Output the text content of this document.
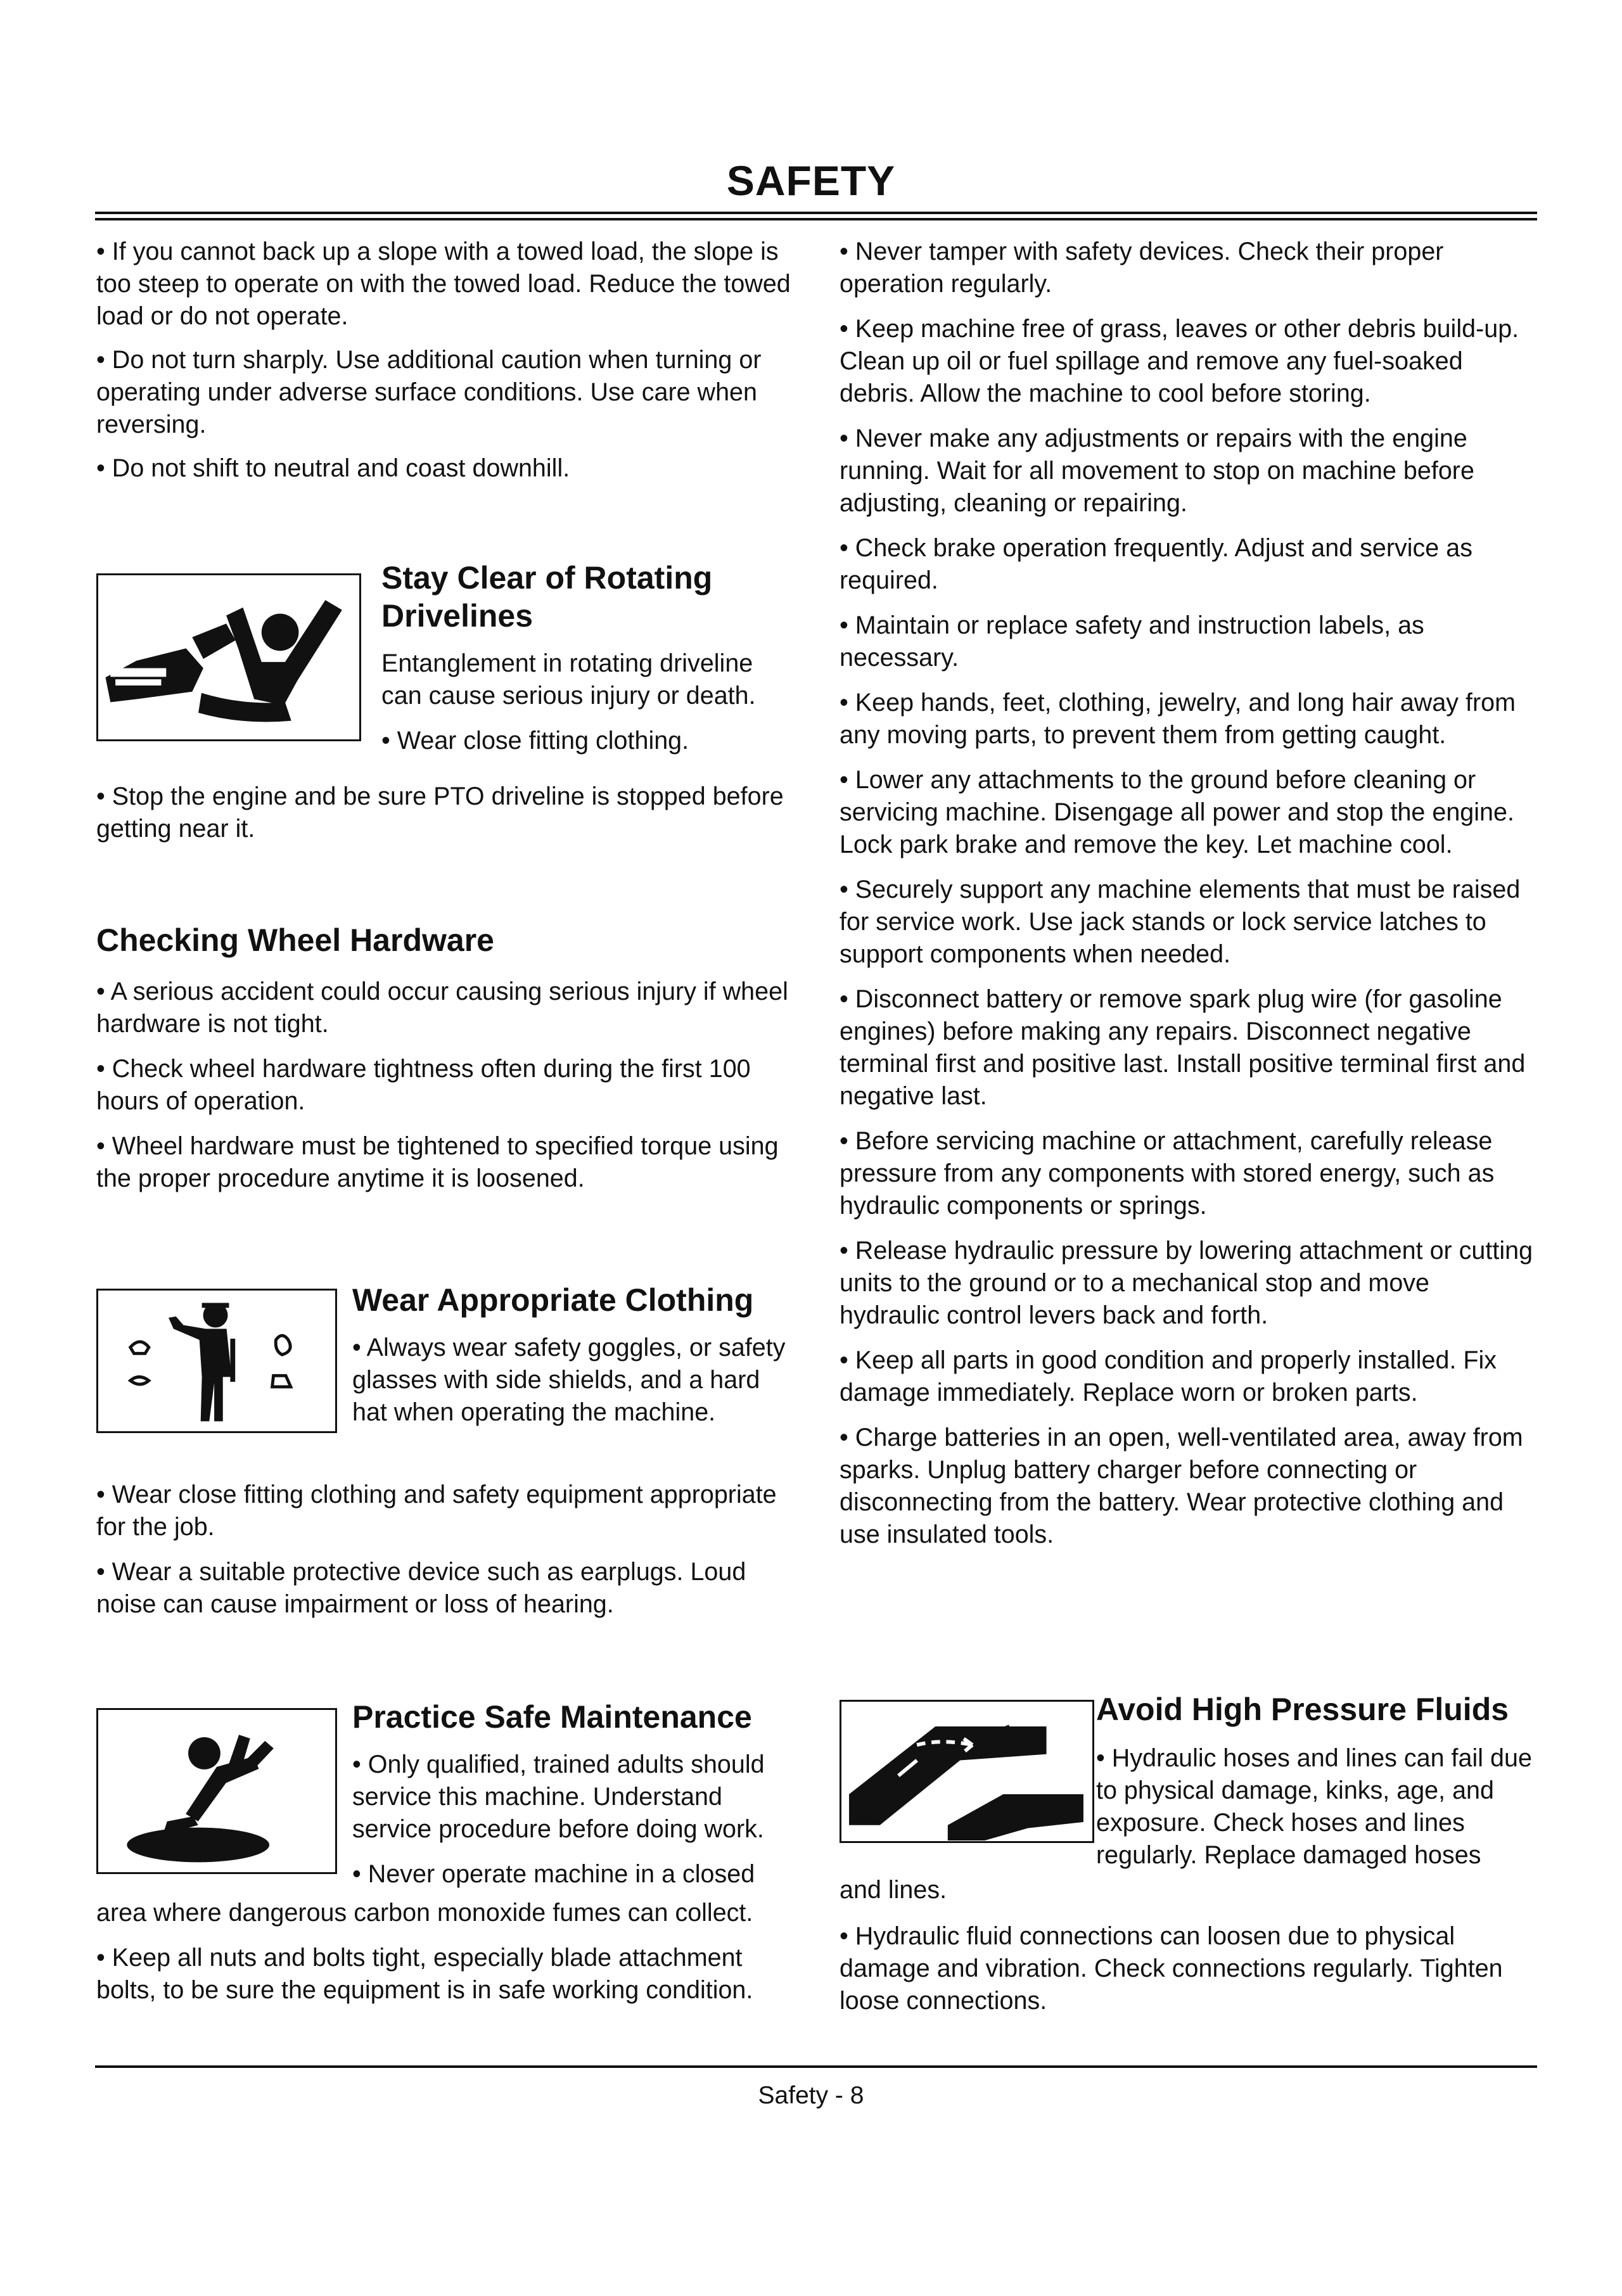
SAFETY

• If you cannot back up a slope with a towed load, the slope is too steep to operate on with the towed load. Reduce the towed load or do not operate.

• Do not turn sharply. Use additional caution when turning or operating under adverse surface conditions. Use care when reversing.

• Do not shift to neutral and coast downhill.

Stay Clear of Rotating Drivelines

Entanglement in rotating driveline can cause serious injury or death.

• Wear close fitting clothing.

• Stop the engine and be sure PTO driveline is stopped before getting near it.

Checking Wheel Hardware

• A serious accident could occur causing serious injury if wheel hardware is not tight.

• Check wheel hardware tightness often during the first 100 hours of operation.

• Wheel hardware must be tightened to specified torque using the proper procedure anytime it is loosened.

Wear Appropriate Clothing

• Always wear safety goggles, or safety glasses with side shields, and a hard hat when operating the machine.

• Wear close fitting clothing and safety equipment appropriate for the job.

• Wear a suitable protective device such as earplugs. Loud noise can cause impairment or loss of hearing.

Practice Safe Maintenance

• Only qualified, trained adults should service this machine. Understand service procedure before doing work.

• Never operate machine in a closed

area where dangerous carbon monoxide fumes can collect.

• Keep all nuts and bolts tight, especially blade attachment bolts, to be sure the equipment is in safe working condition.

• Never tamper with safety devices. Check their proper operation regularly.

• Keep machine free of grass, leaves or other debris build-up. Clean up oil or fuel spillage and remove any fuel-soaked debris. Allow the machine to cool before storing.

• Never make any adjustments or repairs with the engine running. Wait for all movement to stop on machine before adjusting, cleaning or repairing.

• Check brake operation frequently. Adjust and service as required.

• Maintain or replace safety and instruction labels, as necessary.

• Keep hands, feet, clothing, jewelry, and long hair away from any moving parts, to prevent them from getting caught.

• Lower any attachments to the ground before cleaning or servicing machine. Disengage all power and stop the engine. Lock park brake and remove the key. Let machine cool.

• Securely support any machine elements that must be raised for service work. Use jack stands or lock service latches to support components when needed.

• Disconnect battery or remove spark plug wire (for gasoline engines) before making any repairs. Disconnect negative terminal first and positive last. Install positive terminal first and negative last.

• Before servicing machine or attachment, carefully release pressure from any components with stored energy, such as hydraulic components or springs.

• Release hydraulic pressure by lowering attachment or cutting units to the ground or to a mechanical stop and move hydraulic control levers back and forth.

• Keep all parts in good condition and properly installed. Fix damage immediately. Replace worn or broken parts.

• Charge batteries in an open, well-ventilated area, away from sparks. Unplug battery charger before connecting or disconnecting from the battery. Wear protective clothing and use insulated tools.

Avoid High Pressure Fluids

• Hydraulic hoses and lines can fail due to physical damage, kinks, age, and exposure. Check hoses and lines regularly. Replace damaged hoses

and lines.

• Hydraulic fluid connections can loosen due to physical damage and vibration. Check connections regularly. Tighten loose connections.

Safety - 8
